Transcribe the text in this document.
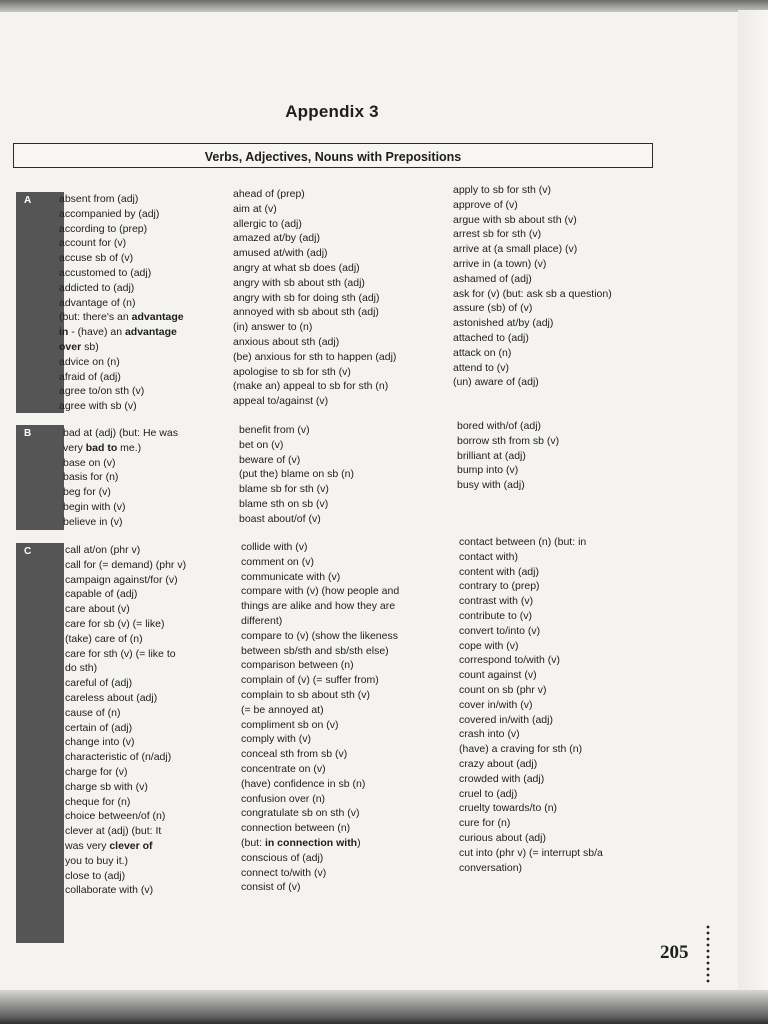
Appendix 3
Verbs, Adjectives, Nouns with Prepositions
A	absent from (adj)
accompanied by (adj)
according to (prep)
account for (v)
accuse sb of (v)
accustomed to (adj)
addicted to (adj)
advantage of (n)
(but: there's an advantage
in - (have) an advantage
over sb)
advice on (n)
afraid of (adj)
agree to/on sth (v)
agree with sb (v)
ahead of (prep)
aim at (v)
allergic to (adj)
amazed at/by (adj)
amused at/with (adj)
angry at what sb does (adj)
angry with sb about sth (adj)
angry with sb for doing sth (adj)
annoyed with sb about sth (adj)
(in) answer to (n)
anxious about sth (adj)
(be) anxious for sth to happen (adj)
apologise to sb for sth (v)
(make an) appeal to sb for sth (n)
appeal to/against (v)
apply to sb for sth (v)
approve of (v)
argue with sb about sth (v)
arrest sb for sth (v)
arrive at (a small place) (v)
arrive in (a town) (v)
ashamed of (adj)
ask for (v) (but: ask sb a question)
assure (sb) of (v)
astonished at/by (adj)
attached to (adj)
attack on (n)
attend to (v)
(un) aware of (adj)
B	bad at (adj) (but: He was
very bad to me.)
base on (v)
basis for (n)
beg for (v)
begin with (v)
believe in (v)
benefit from (v)
bet on (v)
beware of (v)
(put the) blame on sb (n)
blame sb for sth (v)
blame sth on sb (v)
boast about/of (v)
bored with/of (adj)
borrow sth from sb (v)
brilliant at (adj)
bump into (v)
busy with (adj)
C	call at/on (phr v)
call for (= demand) (phr v)
campaign against/for (v)
capable of (adj)
care about (v)
care for sb (v) (= like)
(take) care of (n)
care for sth (v) (= like to
do sth)
careful of (adj)
careless about (adj)
cause of (n)
certain of (adj)
change into (v)
characteristic of (n/adj)
charge for (v)
charge sb with (v)
cheque for (n)
choice between/of (n)
clever at (adj) (but: It
was very clever of
you to buy it.)
close to (adj)
collaborate with (v)
collide with (v)
comment on (v)
communicate with (v)
compare with (v) (how people and
things are alike and how they are
different)
compare to (v) (show the likeness
between sb/sth and sb/sth else)
comparison between (n)
complain of (v) (= suffer from)
complain to sb about sth (v)
(= be annoyed at)
compliment sb on (v)
comply with (v)
conceal sth from sb (v)
concentrate on (v)
(have) confidence in sb (n)
confusion over (n)
congratulate sb on sth (v)
connection between (n)
(but: in connection with)
conscious of (adj)
connect to/with (v)
consist of (v)
contact between (n) (but: in
contact with)
content with (adj)
contrary to (prep)
contrast with (v)
contribute to (v)
convert to/into (v)
cope with (v)
correspond to/with (v)
count against (v)
count on sb (phr v)
cover in/with (v)
covered in/with (adj)
crash into (v)
(have) a craving for sth (n)
crazy about (adj)
crowded with (adj)
cruel to (adj)
cruelty towards/to (n)
cure for (n)
curious about (adj)
cut into (phr v) (= interrupt sb/a
conversation)
205
